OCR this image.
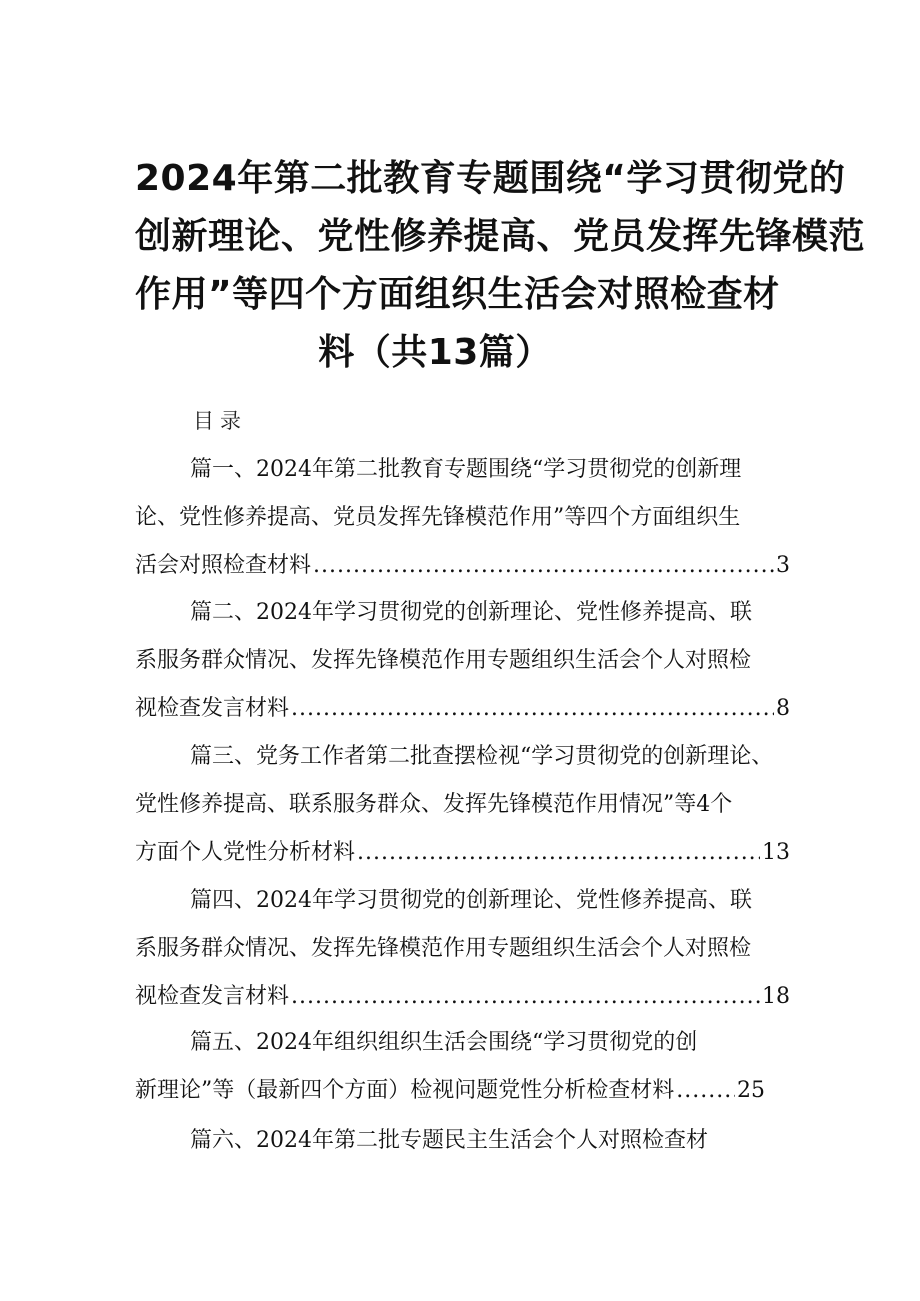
2024年第二批教育专题围绕“学习贯彻党的
创新理论、党性修养提高、党员发挥先锋模范
作用”等四个方面组织生活会对照检查材
料（共13篇）
目录
篇一、2024年第二批教育专题围绕“学习贯彻党的创新理
论、党性修养提高、党员发挥先锋模范作用”等四个方面组织生
活会对照检查材料 .....	3
篇二、2024年学习贯彻党的创新理论、党性修养提高、联
系服务群众情况、发挥先锋模范作用专题组织生活会个人对照检
视检查发言材料 .....	8
篇三、党务工作者第二批查摆检视“学习贯彻党的创新理论、
党性修养提高、联系服务群众、发挥先锋模范作用情况”等4个
方面个人党性分析材料 .....	13
篇四、2024年学习贯彻党的创新理论、党性修养提高、联
系服务群众情况、发挥先锋模范作用专题组织生活会个人对照检
视检查发言材料 .....	18
篇五、2024年组织组织生活会围绕“学习贯彻党的创
新理论”等（最新四个方面）检视问题党性分析检查材料 .....	25
篇六、2024年第二批专题民主生活会个人对照检查材
